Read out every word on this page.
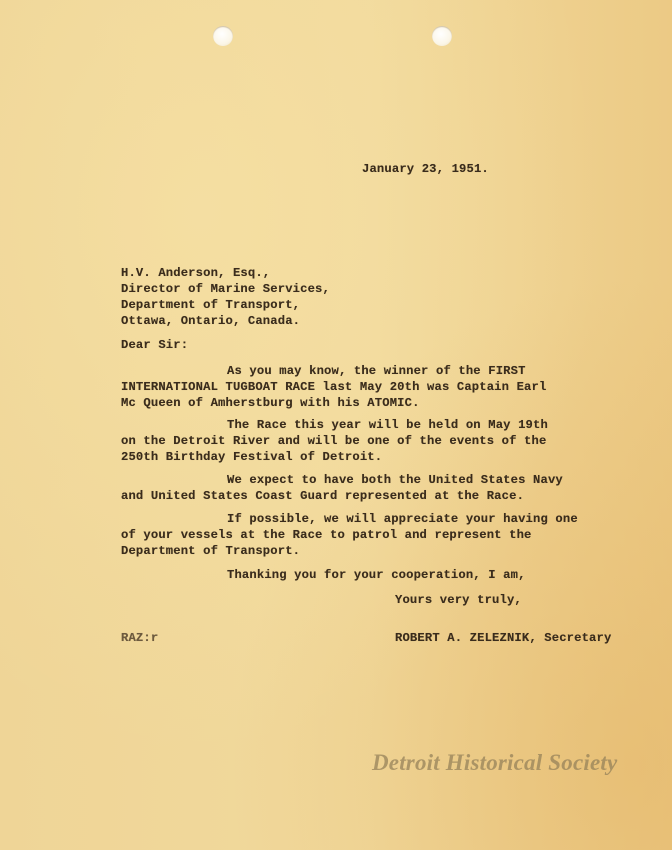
January 23, 1951.
H.V. Anderson, Esq.,
Director of Marine Services,
Department of Transport,
Ottawa, Ontario, Canada.
Dear Sir:
As you may know, the winner of the FIRST
INTERNATIONAL TUGBOAT RACE last May 20th was Captain Earl
Mc Queen of Amherstburg with his ATOMIC.
The Race this year will be held on May 19th
on the Detroit River and will be one of the events of the
250th Birthday Festival of Detroit.
We expect to have both the United States Navy
and United States Coast Guard represented at the Race.
If possible, we will appreciate your having one
of your vessels at the Race to patrol and represent the
Department of Transport.
Thanking you for your cooperation, I am,
Yours very truly,
RAZ:r	ROBERT A. ZELEZNIK, Secretary
Detroit Historical Society
